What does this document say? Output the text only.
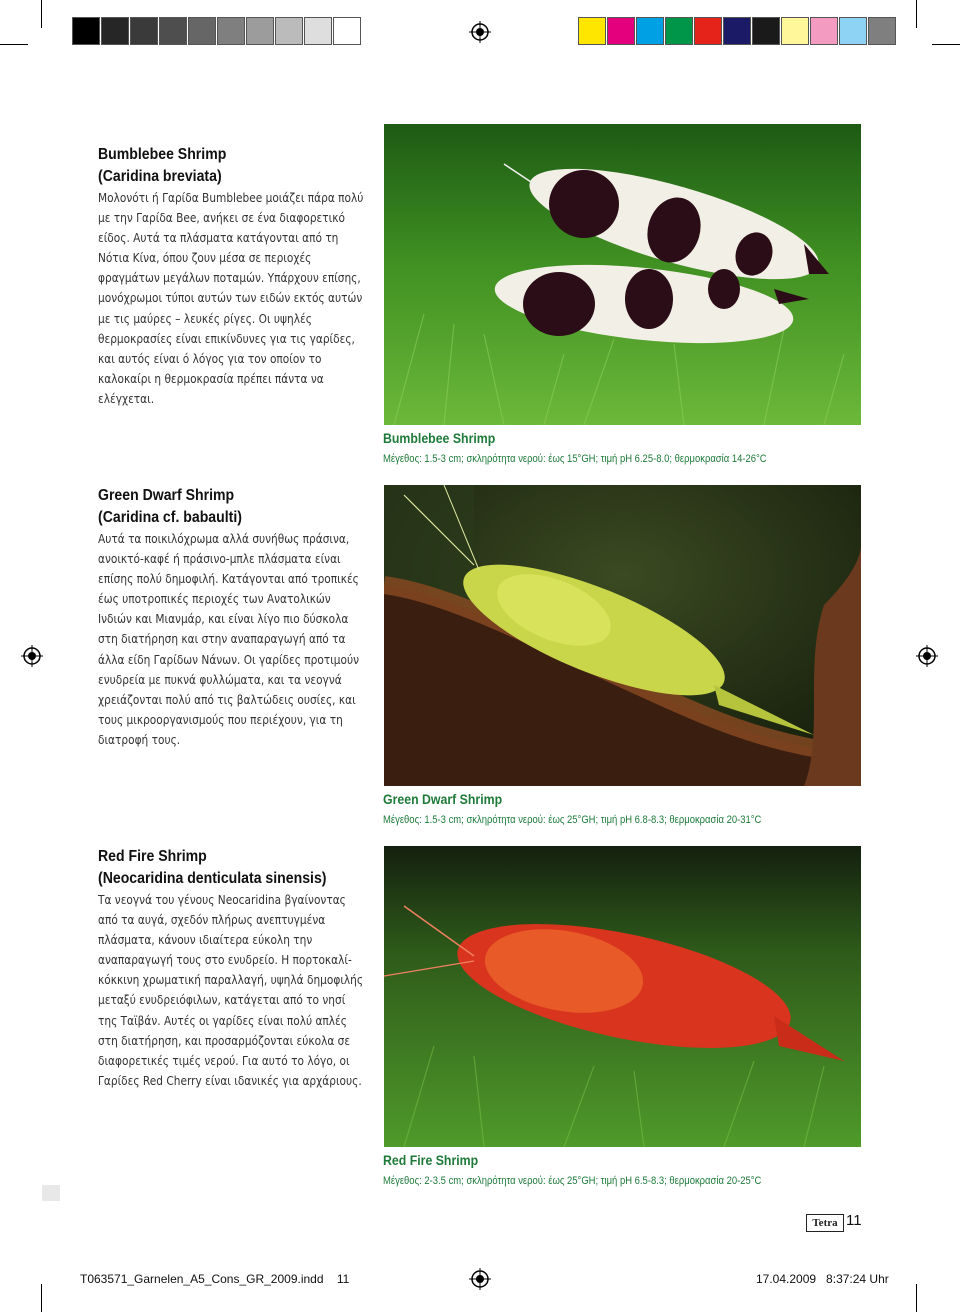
Bumblebee Shrimp
(Caridina breviata)
Μολονότι ή Γαρίδα Bumblebee μοιάζει πάρα πολύ με την Γαρίδα Bee, ανήκει σε ένα διαφορετικό είδος. Αυτά τα πλάσματα κατάγονται από τη Νότια Κίνα, όπου ζουν μέσα σε περιοχές φραγμάτων μεγάλων ποταμών. Υπάρχουν επίσης, μονόχρωμοι τύποι αυτών των ειδών εκτός αυτών με τις μαύρες – λευκές ρίγες. Οι υψηλές θερμοκρασίες είναι επικίνδυνες για τις γαρίδες, και αυτός είναι ό λόγος για τον οποίον το καλοκαίρι η θερμοκρασία πρέπει πάντα να ελέγχεται.
Bumblebee Shrimp
Μέγεθος: 1.5-3 cm; σκληρότητα νερού: έως 15°GH; τιμή pH 6.25-8.0; θερμοκρασία 14-26°C
Green Dwarf Shrimp
(Caridina cf. babaulti)
Αυτά τα ποικιλόχρωμα αλλά συνήθως πράσινα, ανοικτό-καφέ ή πράσινο-μπλε πλάσματα είναι επίσης πολύ δημοφιλή. Κατάγονται από τροπικές έως υποτροπικές περιοχές των Ανατολικών Ινδιών και Μιανμάρ, και είναι λίγο πιο δύσκολα στη διατήρηση και στην αναπαραγωγή από τα άλλα είδη Γαρίδων Νάνων. Οι γαρίδες προτιμούν ενυδρεία με πυκνά φυλλώματα, και τα νεογνά χρειάζονται πολύ από τις βαλτώδεις ουσίες, και τους μικροοργανισμούς που περιέχουν, για τη διατροφή τους.
Green Dwarf Shrimp
Μέγεθος: 1.5-3 cm; σκληρότητα νερού: έως 25°GH; τιμή pH 6.8-8.3; θερμοκρασία 20-31°C
Red Fire Shrimp
(Neocaridina denticulata sinensis)
Τα νεογνά του γένους Neocaridina βγαίνοντας από τα αυγά, σχεδόν πλήρως ανεπτυγμένα πλάσματα, κάνουν ιδιαίτερα εύκολη την αναπαραγωγή τους στο ενυδρείο. Η πορτοκαλί-κόκκινη χρωματική παραλλαγή, υψηλά δημοφιλής μεταξύ ενυδρειόφιλων, κατάγεται από το νησί της Ταϊβάν. Αυτές οι γαρίδες είναι πολύ απλές στη διατήρηση, και προσαρμόζονται εύκολα σε διαφορετικές τιμές νερού. Για αυτό το λόγο, οι Γαρίδες Red Cherry είναι ιδανικές για αρχάριους.
Red Fire Shrimp
Μέγεθος: 2-3.5 cm; σκληρότητα νερού: έως 25°GH; τιμή pH 6.5-8.3; θερμοκρασία 20-25°C
Tetra 11
T063571_Garnelen_A5_Cons_GR_2009.indd 11	17.04.2009   8:37:24 Uhr
